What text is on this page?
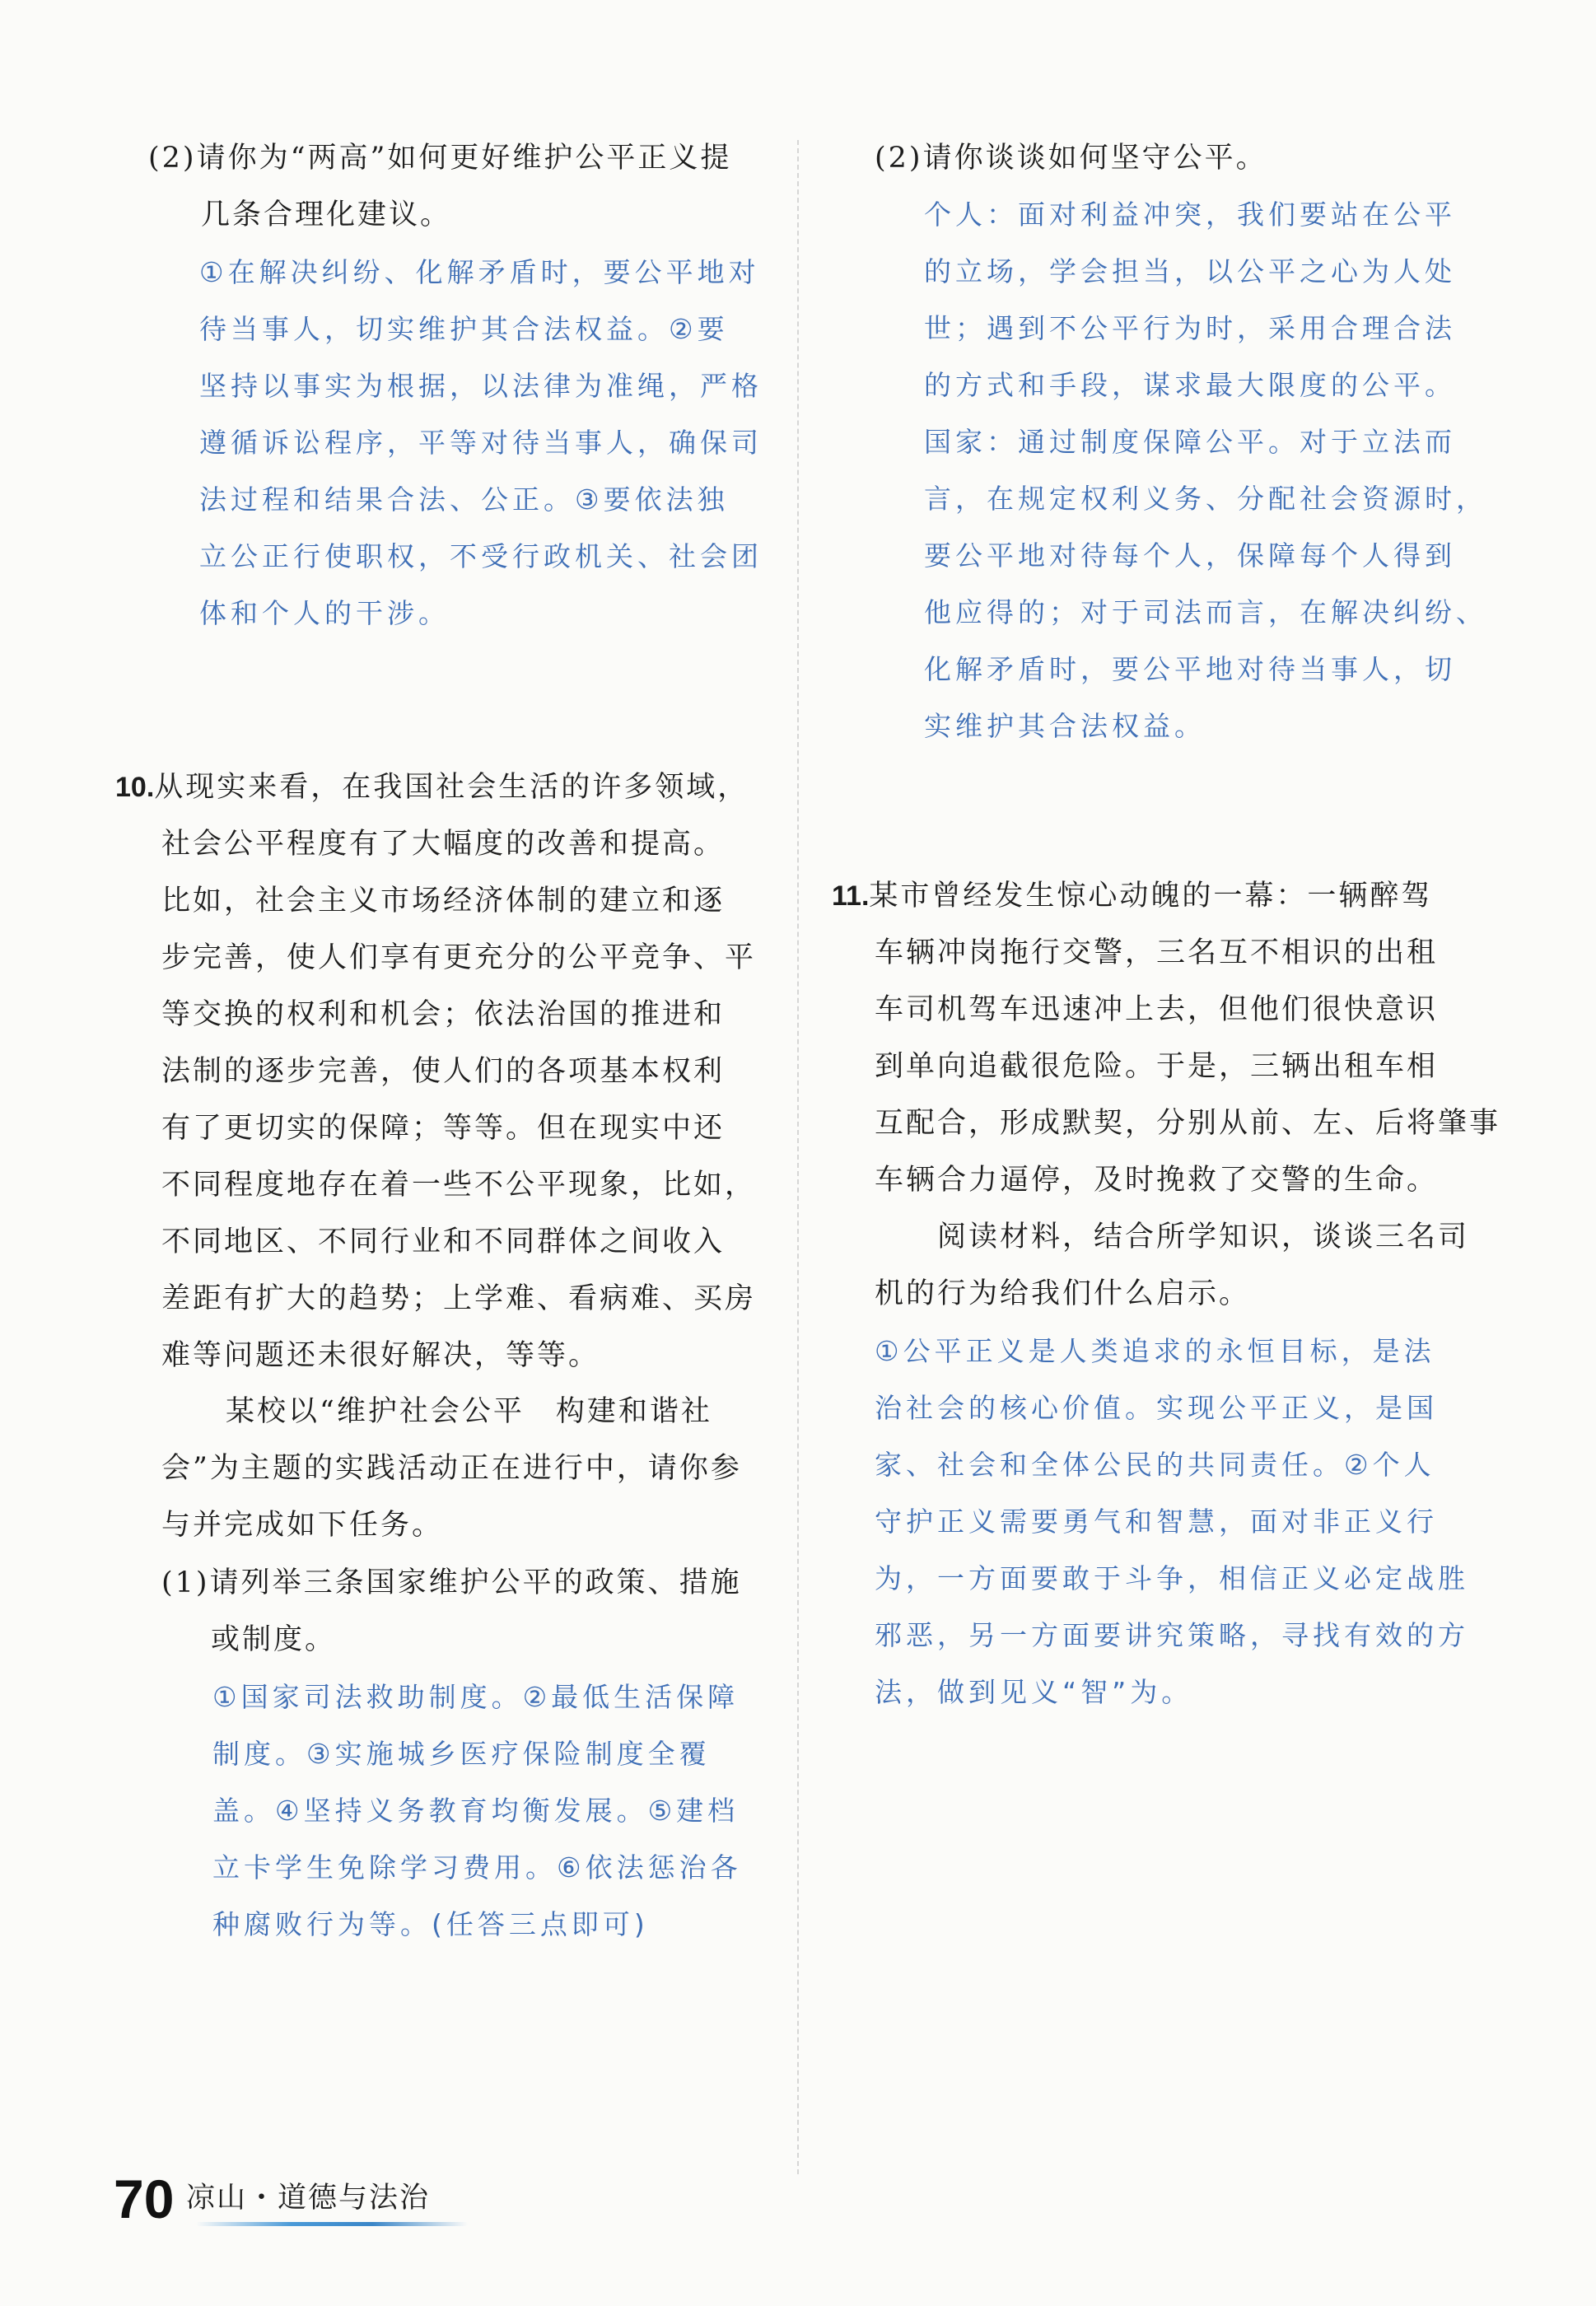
(2)请你为“两高”如何更好维护公平正义提

几条合理化建议。

①在解决纠纷、化解矛盾时，要公平地对

待当事人，切实维护其合法权益。②要

坚持以事实为根据，以法律为准绳，严格

遵循诉讼程序，平等对待当事人，确保司

法过程和结果合法、公正。③要依法独

立公正行使职权，不受行政机关、社会团

体和个人的干涉。

10.从现实来看，在我国社会生活的许多领域，

社会公平程度有了大幅度的改善和提高。

比如，社会主义市场经济体制的建立和逐

步完善，使人们享有更充分的公平竞争、平

等交换的权利和机会；依法治国的推进和

法制的逐步完善，使人们的各项基本权利

有了更切实的保障；等等。但在现实中还

不同程度地存在着一些不公平现象，比如，

不同地区、不同行业和不同群体之间收入

差距有扩大的趋势；上学难、看病难、买房

难等问题还未很好解决，等等。

某校以“维护社会公平　构建和谐社

会”为主题的实践活动正在进行中，请你参

与并完成如下任务。

(1)请列举三条国家维护公平的政策、措施

或制度。

①国家司法救助制度。②最低生活保障

制度。③实施城乡医疗保险制度全覆

盖。④坚持义务教育均衡发展。⑤建档

立卡学生免除学习费用。⑥依法惩治各

种腐败行为等。(任答三点即可)

(2)请你谈谈如何坚守公平。

个人：面对利益冲突，我们要站在公平

的立场，学会担当，以公平之心为人处

世；遇到不公平行为时，采用合理合法

的方式和手段，谋求最大限度的公平。

国家：通过制度保障公平。对于立法而

言，在规定权利义务、分配社会资源时，

要公平地对待每个人，保障每个人得到

他应得的；对于司法而言，在解决纠纷、

化解矛盾时，要公平地对待当事人，切

实维护其合法权益。

11.某市曾经发生惊心动魄的一幕：一辆醉驾

车辆冲岗拖行交警，三名互不相识的出租

车司机驾车迅速冲上去，但他们很快意识

到单向追截很危险。于是，三辆出租车相

互配合，形成默契，分别从前、左、后将肇事

车辆合力逼停，及时挽救了交警的生命。

阅读材料，结合所学知识，谈谈三名司

机的行为给我们什么启示。

①公平正义是人类追求的永恒目标，是法

治社会的核心价值。实现公平正义，是国

家、社会和全体公民的共同责任。②个人

守护正义需要勇气和智慧，面对非正义行

为，一方面要敢于斗争，相信正义必定战胜

邪恶，另一方面要讲究策略，寻找有效的方

法，做到见义“智”为。

70 凉山・道德与法治
